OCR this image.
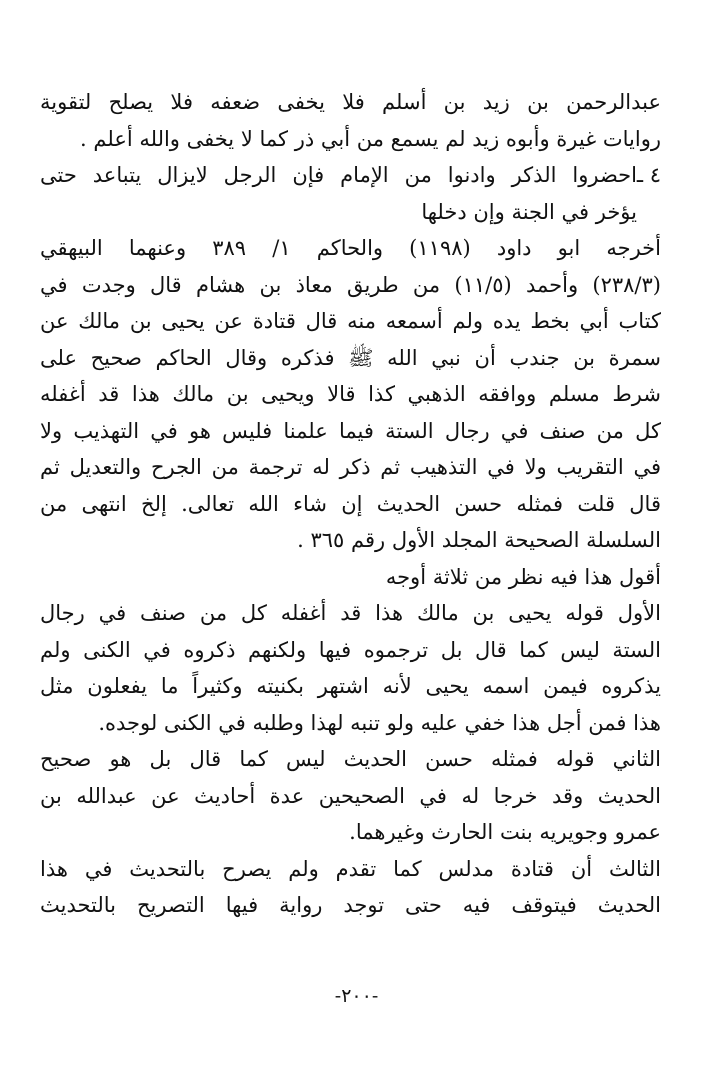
عبدالرحمن بن زيد بن أسلم فلا يخفى ضعفه فلا يصلح لتقوية
روايات غيرة وأبوه زيد لم يسمع من أبي ذر كما لا يخفى والله أعلم .
٤ ـ
احضروا الذكر وادنوا من الإمام فإن الرجل لايزال يتباعد حتى
يؤخر في الجنة وإن دخلها
أخرجه ابو داود (١١٩٨) والحاكم ١/ ٣٨٩ وعنهما البيهقي
(٢٣٨/٣) وأحمد (١١/٥) من طريق معاذ بن هشام قال وجدت في
كتاب أبي بخط يده ولم أسمعه منه قال قتادة عن يحيى بن مالك عن
سمرة بن جندب أن نبي الله ﷺ فذكره وقال الحاكم صحيح على
شرط مسلم ووافقه الذهبي كذا قالا ويحيى بن مالك هذا قد أغفله
كل من صنف في رجال الستة فيما علمنا فليس هو في التهذيب ولا
في التقريب ولا في التذهيب ثم ذكر له ترجمة من الجرح والتعديل ثم
قال قلت فمثله حسن الحديث إن شاء الله تعالى. إلخ انتهى من
السلسلة الصحيحة المجلد الأول رقم ٣٦٥ .
أقول هذا فيه نظر من ثلاثة أوجه
الأول قوله يحيى بن مالك هذا قد أغفله كل من صنف في رجال
الستة ليس كما قال بل ترجموه فيها ولكنهم ذكروه في الكنى ولم
يذكروه فيمن اسمه يحيى لأنه اشتهر بكنيته وكثيراً ما يفعلون مثل
هذا فمن أجل هذا خفي عليه ولو تنبه لهذا وطلبه في الكنى لوجده.
الثاني قوله فمثله حسن الحديث ليس كما قال بل هو صحيح
الحديث وقد خرجا له في الصحيحين عدة أحاديث عن عبدالله بن
عمرو وجويريه بنت الحارث وغيرهما.
الثالث أن قتادة مدلس كما تقدم ولم يصرح بالتحديث في هذا
الحديث فيتوقف فيه حتى توجد رواية فيها التصريح بالتحديث
-٢٠٠-
